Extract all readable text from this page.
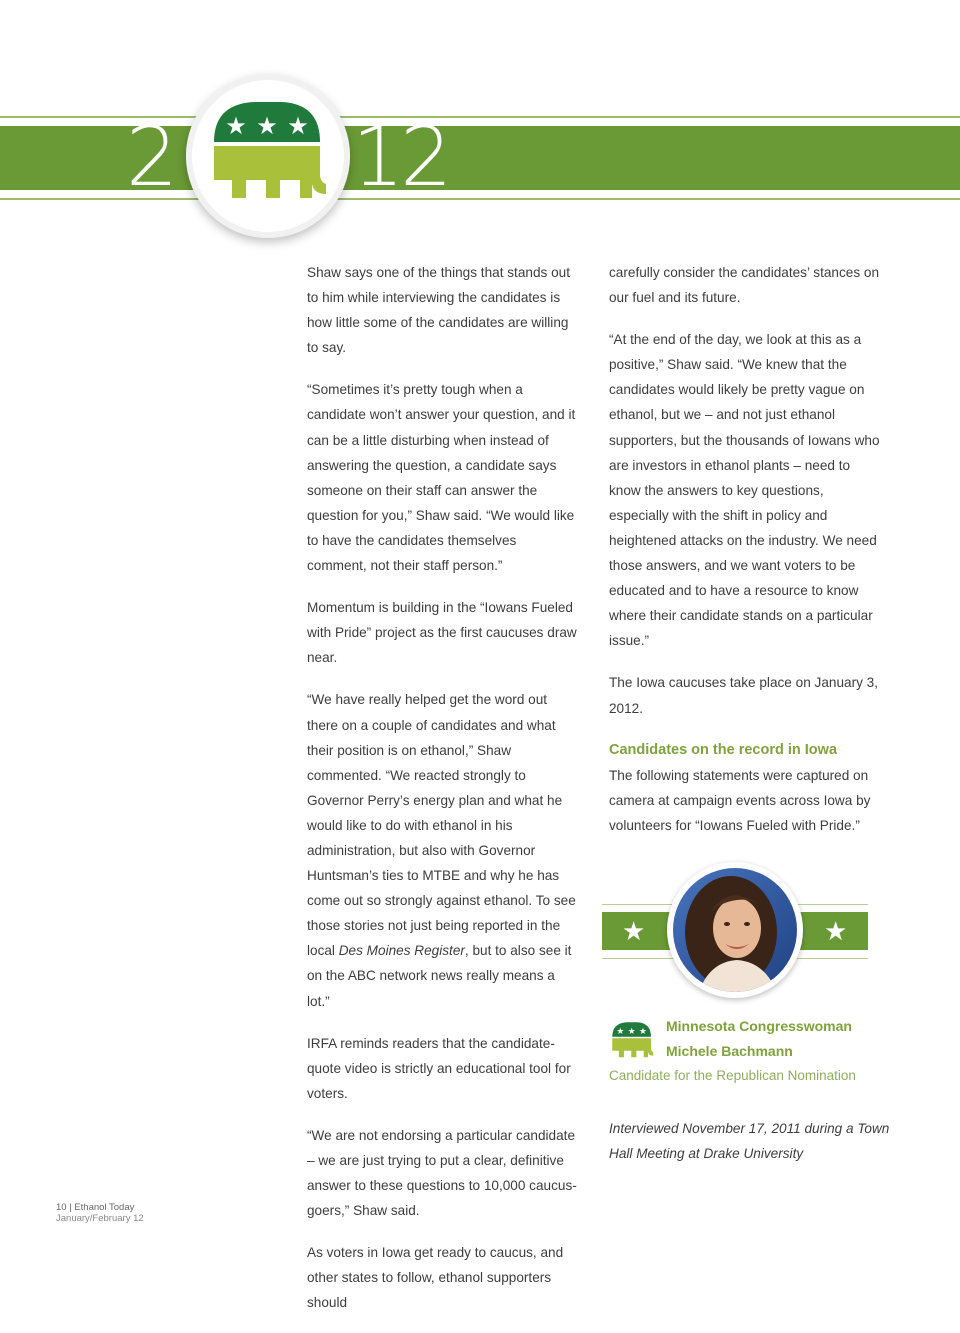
2 12
★ ★ ★

Shaw says one of the things that stands out to him while interviewing the candidates is how little some of the candidates are willing to say.

“Sometimes it’s pretty tough when a candidate won’t answer your question, and it can be a little disturbing when instead of answering the question, a candidate says someone on their staff can answer the question for you,” Shaw said. “We would like to have the candidates themselves comment, not their staff person.”

Momentum is building in the “Iowans Fueled with Pride” project as the first caucuses draw near.

“We have really helped get the word out there on a couple of candidates and what their position is on ethanol,” Shaw commented. “We reacted strongly to Governor Perry’s energy plan and what he would like to do with ethanol in his administration, but also with Governor Huntsman’s ties to MTBE and why he has come out so strongly against ethanol. To see those stories not just being reported in the local Des Moines Register, but to also see it on the ABC network news really means a lot.”

IRFA reminds readers that the candidate-quote video is strictly an educational tool for voters.

“We are not endorsing a particular candidate – we are just trying to put a clear, definitive answer to these questions to 10,000 caucus-goers,” Shaw said.

As voters in Iowa get ready to caucus, and other states to follow, ethanol supporters should

carefully consider the candidates’ stances on our fuel and its future.

“At the end of the day, we look at this as a positive,” Shaw said. “We knew that the candidates would likely be pretty vague on ethanol, but we – and not just ethanol supporters, but the thousands of Iowans who are investors in ethanol plants – need to know the answers to key questions, especially with the shift in policy and heightened attacks on the industry. We need those answers, and we want voters to be educated and to have a resource to know where their candidate stands on a particular issue.”

The Iowa caucuses take place on January 3, 2012.

Candidates on the record in Iowa

The following statements were captured on camera at campaign events across Iowa by volunteers for “Iowans Fueled with Pride.”

★	★
★ ★ ★ Minnesota Congresswoman
Michele Bachmann
Candidate for the Republican Nomination
Interviewed November 17, 2011 during a Town Hall Meeting at Drake University
10 | Ethanol Today
January/February 12
